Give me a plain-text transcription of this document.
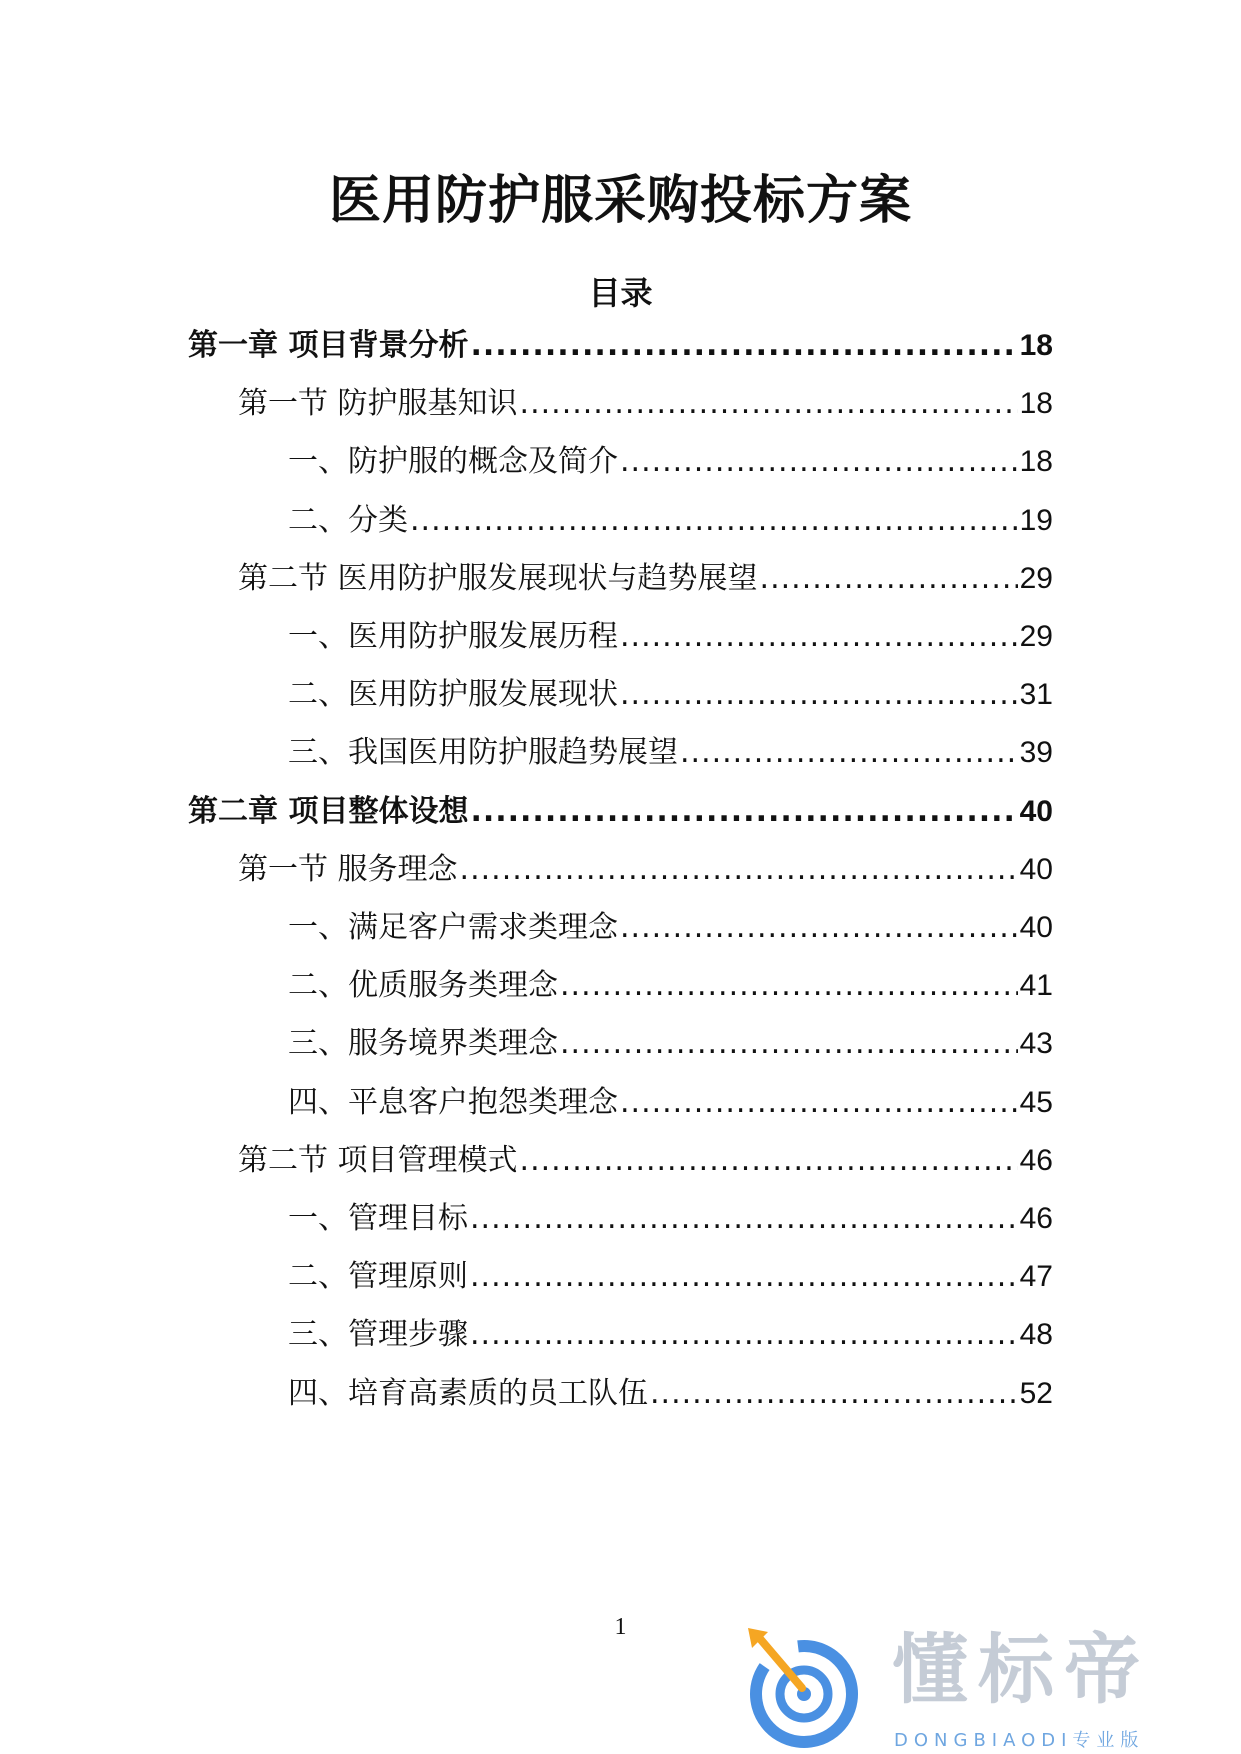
医用防护服采购投标方案
目录
第一章 项目背景分析 .....	18
第一节 防护服基知识 .....	18
一、防护服的概念及简介 .....	18
二、分类 .....	19
第二节 医用防护服发展现状与趋势展望 .....	29
一、医用防护服发展历程 .....	29
二、医用防护服发展现状 .....	31
三、我国医用防护服趋势展望 .....	39
第二章 项目整体设想 .....	40
第一节 服务理念 .....	40
一、满足客户需求类理念 .....	40
二、优质服务类理念 .....	41
三、服务境界类理念 .....	43
四、平息客户抱怨类理念 .....	45
第二节 项目管理模式 .....	46
一、管理目标 .....	46
二、管理原则 .....	47
三、管理步骤 .....	48
四、培育高素质的员工队伍 .....	52
1	懂标帝
DONGBIAODI专业版
